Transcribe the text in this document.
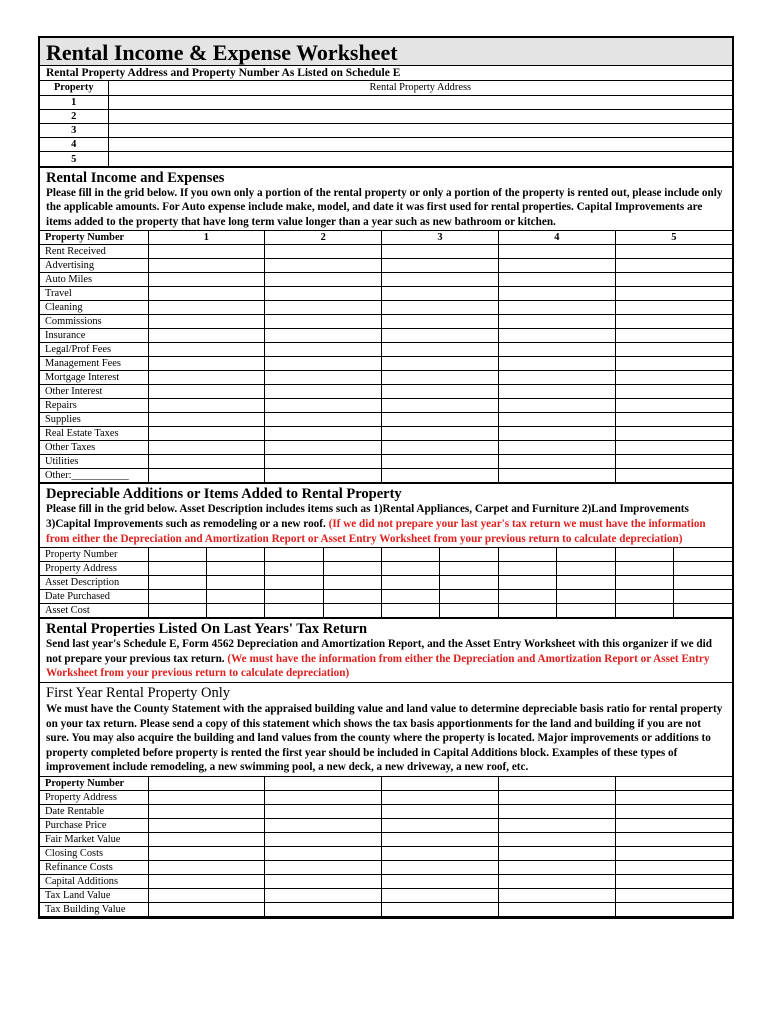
Rental Income & Expense Worksheet
Rental Property Address and Property Number As Listed on Schedule E
Property	Rental Property Address
1	
2	
3	
4	
5	
Rental Income and Expenses
Please fill in the grid below. If you own only a portion of the rental property or only a portion of the property is rented out, please include only the applicable amounts. For Auto expense include make, model, and date it was first used for rental properties. Capital Improvements are items added to the property that have long term value longer than a year such as new bathroom or kitchen.
Property Number	1	2	3	4	5
Rent Received					
Advertising					
Auto Miles					
Travel					
Cleaning					
Commissions					
Insurance					
Legal/Prof Fees					
Management Fees					
Mortgage Interest					
Other Interest					
Repairs					
Supplies					
Real Estate Taxes					
Other Taxes					
Utilities					
Other:___________					
Depreciable Additions or Items Added to Rental Property
Please fill in the grid below. Asset Description includes items such as 1)Rental Appliances, Carpet and Furniture 2)Land Improvements 3)Capital Improvements such as remodeling or a new roof. (If we did not prepare your last year's tax return we must have the information from either the Depreciation and Amortization Report or Asset Entry Worksheet from your previous return to calculate depreciation)
Property Number										
Property Address										
Asset Description										
Date Purchased										
Asset Cost										
Rental Properties Listed On Last Years' Tax Return
Send last year's Schedule E, Form 4562 Depreciation and Amortization Report, and the Asset Entry Worksheet with this organizer if we did not prepare your previous tax return. (We must have the information from either the Depreciation and Amortization Report or Asset Entry Worksheet from your previous return to calculate depreciation)
First Year Rental Property Only
We must have the County Statement with the appraised building value and land value to determine depreciable basis ratio for rental property on your tax return. Please send a copy of this statement which shows the tax basis apportionments for the land and building if you are not sure. You may also acquire the building and land values from the county where the property is located. Major improvements or additions to property completed before property is rented the first year should be included in Capital Additions block. Examples of these types of improvement include remodeling, a new swimming pool, a new deck, a new driveway, a new roof, etc.
Property Number					
Property Address					
Date Rentable					
Purchase Price					
Fair Market Value					
Closing Costs					
Refinance Costs					
Capital Additions					
Tax Land Value					
Tax Building Value					
